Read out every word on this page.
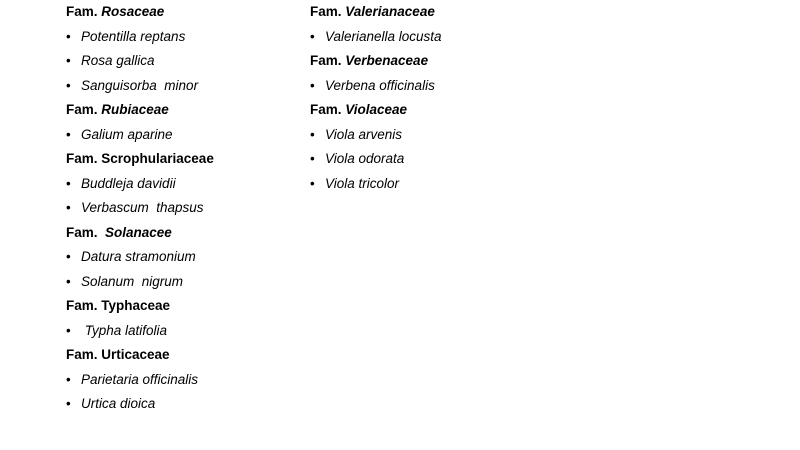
Fam. Rosaceae
• Potentilla reptans
• Rosa gallica
• Sanguisorba  minor
Fam. Rubiaceae
• Galium aparine
Fam. Scrophulariaceae
• Buddleja davidii
• Verbascum  thapsus
Fam.  Solanacee
• Datura stramonium
• Solanum  nigrum
Fam. Typhaceae
• Typha latifolia
Fam. Urticaceae
• Parietaria officinalis
• Urtica dioica
Fam. Valerianaceae
• Valerianella locusta
Fam. Verbenaceae
• Verbena officinalis
Fam. Violaceae
• Viola arvenis
• Viola odorata
• Viola tricolor
